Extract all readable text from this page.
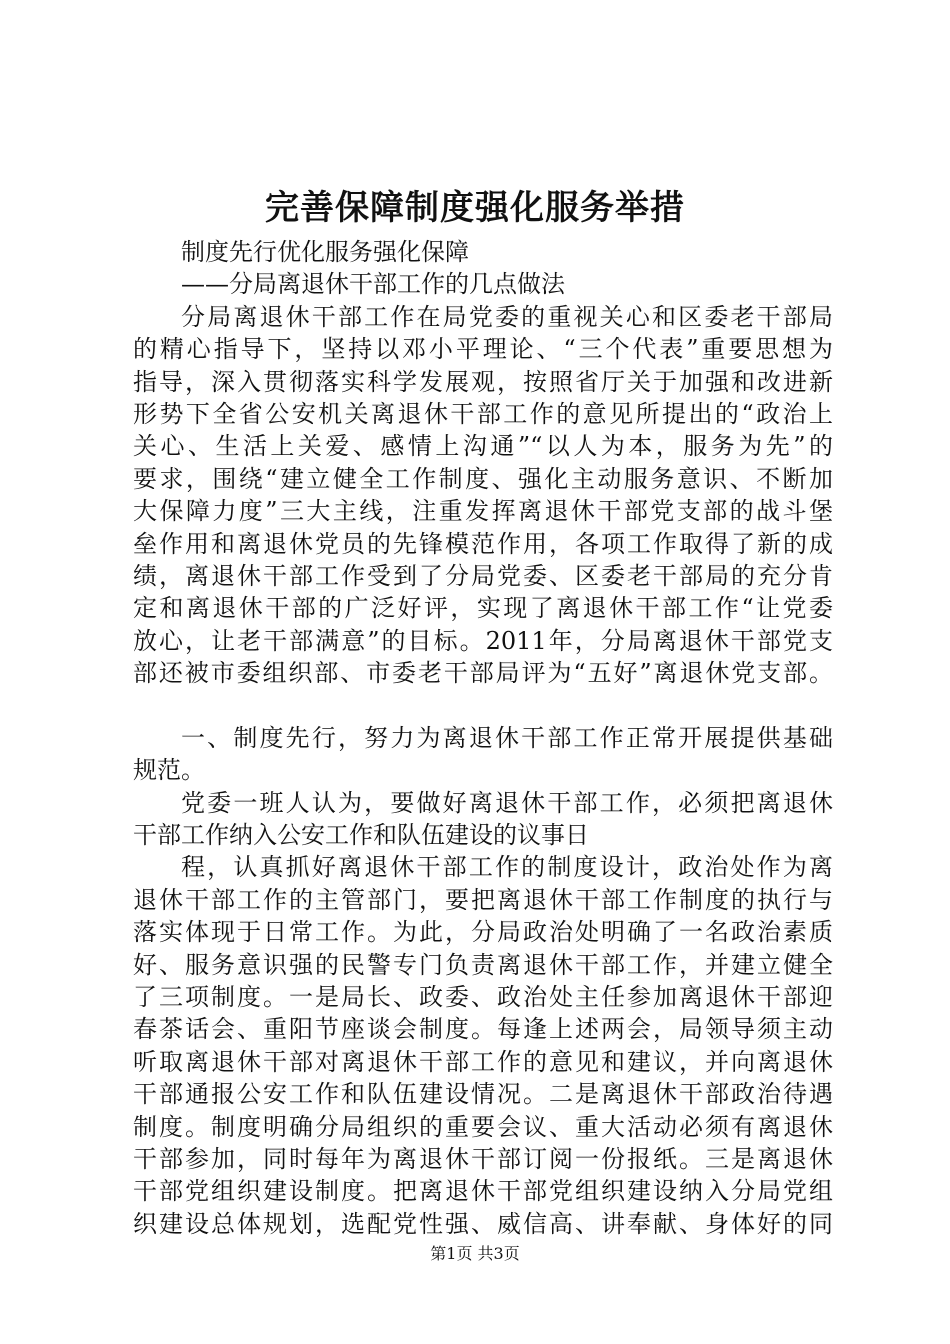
完善保障制度强化服务举措
制度先行优化服务强化保障
——分局离退休干部工作的几点做法
分局离退休干部工作在局党委的重视关心和区委老干部局
的精心指导下，坚持以邓小平理论、“三个代表”重要思想为
指导，深入贯彻落实科学发展观，按照省厅关于加强和改进新
形势下全省公安机关离退休干部工作的意见所提出的“政治上
关心、生活上关爱、感情上沟通”“以人为本，服务为先”的
要求，围绕“建立健全工作制度、强化主动服务意识、不断加
大保障力度”三大主线，注重发挥离退休干部党支部的战斗堡
垒作用和离退休党员的先锋模范作用，各项工作取得了新的成
绩，离退休干部工作受到了分局党委、区委老干部局的充分肯
定和离退休干部的广泛好评，实现了离退休干部工作“让党委
放心，让老干部满意”的目标。2011年，分局离退休干部党支
部还被市委组织部、市委老干部局评为“五好”离退休党支部。
一、制度先行，努力为离退休干部工作正常开展提供基础
规范。
党委一班人认为，要做好离退休干部工作，必须把离退休
干部工作纳入公安工作和队伍建设的议事日
程，认真抓好离退休干部工作的制度设计，政治处作为离
退休干部工作的主管部门，要把离退休干部工作制度的执行与
落实体现于日常工作。为此，分局政治处明确了一名政治素质
好、服务意识强的民警专门负责离退休干部工作，并建立健全
了三项制度。一是局长、政委、政治处主任参加离退休干部迎
春茶话会、重阳节座谈会制度。每逢上述两会，局领导须主动
听取离退休干部对离退休干部工作的意见和建议，并向离退休
干部通报公安工作和队伍建设情况。二是离退休干部政治待遇
制度。制度明确分局组织的重要会议、重大活动必须有离退休
干部参加，同时每年为离退休干部订阅一份报纸。三是离退休
干部党组织建设制度。把离退休干部党组织建设纳入分局党组
织建设总体规划，选配党性强、威信高、讲奉献、身体好的同
第1页 共3页
